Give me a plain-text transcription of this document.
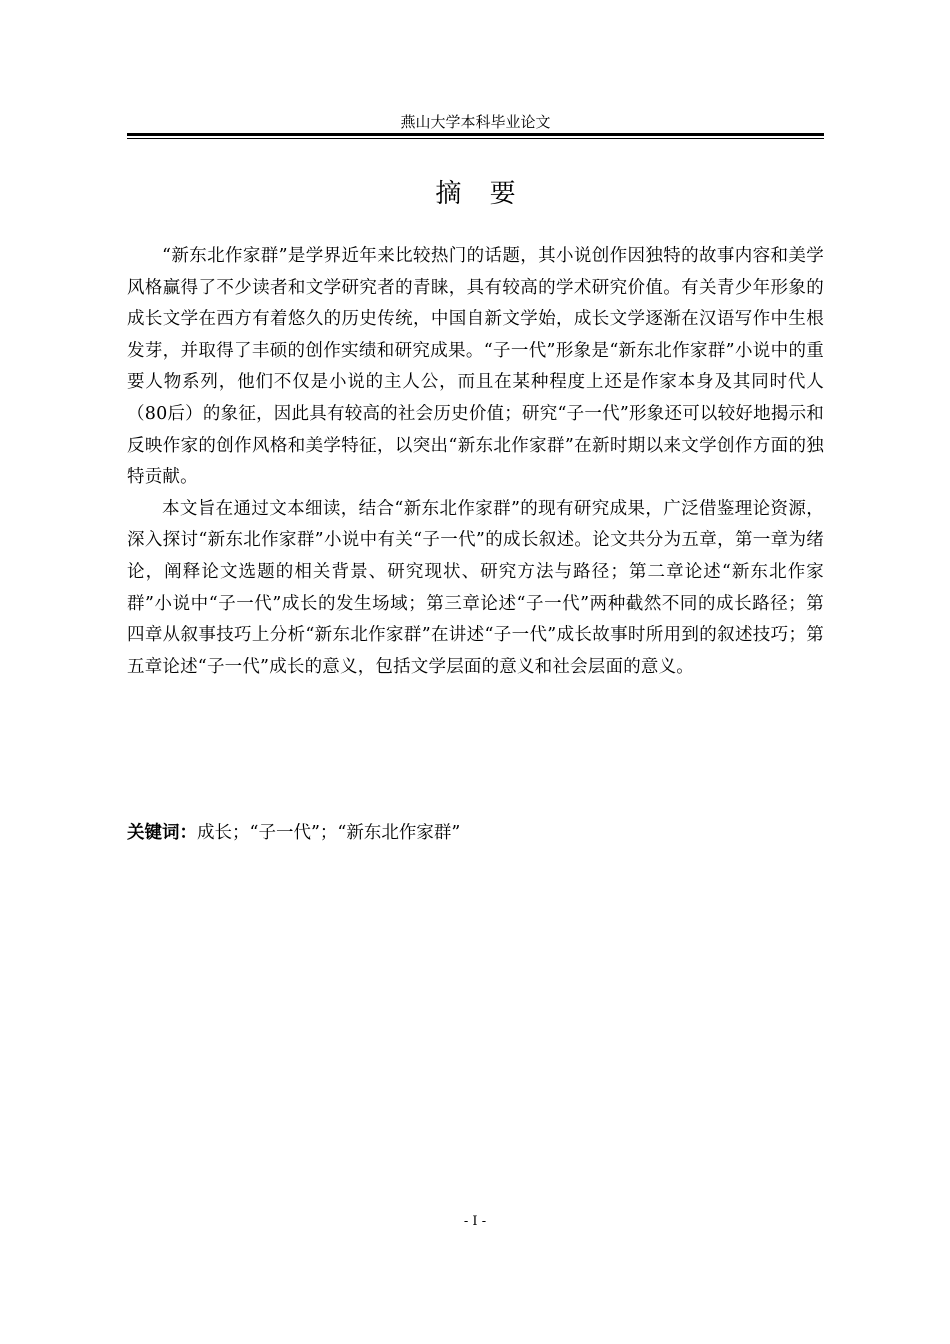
燕山大学本科毕业论文
摘 要

“新东北作家群”是学界近年来比较热门的话题，其小说创作因独特的故事内容和美学风格赢得了不少读者和文学研究者的青睐，具有较高的学术研究价值。有关青少年形象的成长文学在西方有着悠久的历史传统，中国自新文学始，成长文学逐渐在汉语写作中生根发芽，并取得了丰硕的创作实绩和研究成果。“子一代”形象是“新东北作家群”小说中的重要人物系列，他们不仅是小说的主人公，而且在某种程度上还是作家本身及其同时代人（80后）的象征，因此具有较高的社会历史价值；研究“子一代”形象还可以较好地揭示和反映作家的创作风格和美学特征，以突出“新东北作家群”在新时期以来文学创作方面的独特贡献。

本文旨在通过文本细读，结合“新东北作家群”的现有研究成果，广泛借鉴理论资源，深入探讨“新东北作家群”小说中有关“子一代”的成长叙述。论文共分为五章，第一章为绪论，阐释论文选题的相关背景、研究现状、研究方法与路径；第二章论述“新东北作家群”小说中“子一代”成长的发生场域；第三章论述“子一代”两种截然不同的成长路径；第四章从叙事技巧上分析“新东北作家群”在讲述“子一代”成长故事时所用到的叙述技巧；第五章论述“子一代”成长的意义，包括文学层面的意义和社会层面的意义。

关键词：成长；“子一代”；“新东北作家群”
- I -
